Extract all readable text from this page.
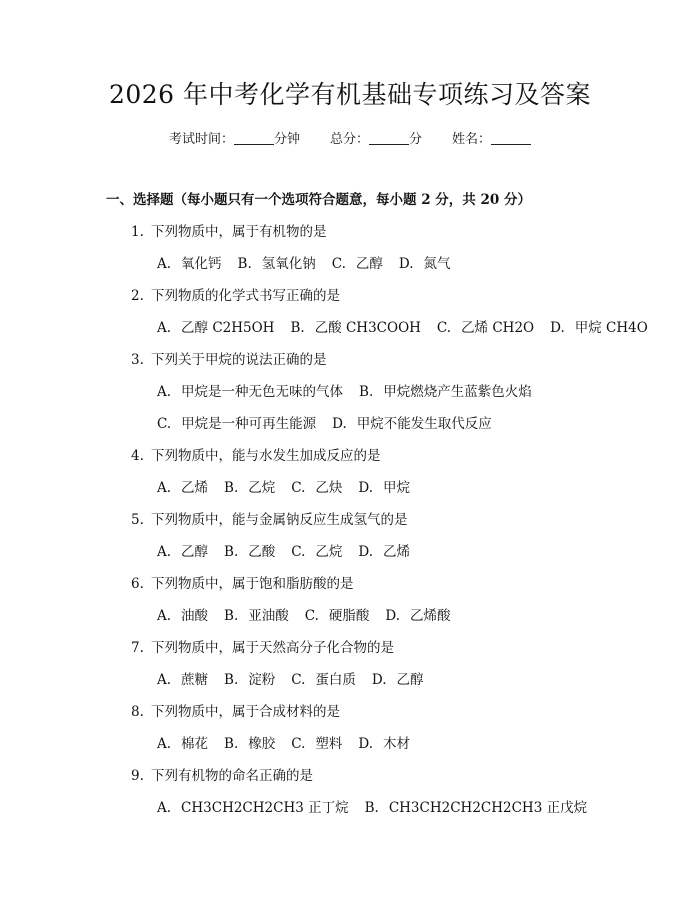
2026 年中考化学有机基础专项练习及答案
考试时间：	分钟 总分：	分 姓名：
一、选择题（每小题只有一个选项符合题意，每小题 2 分，共 20 分）
1. 下列物质中，属于有机物的是
A. 氧化钙 B. 氢氧化钠 C. 乙醇 D. 氮气
2. 下列物质的化学式书写正确的是
A. 乙醇 C2H5OH B. 乙酸 CH3COOH C. 乙烯 CH2O D. 甲烷 CH4O
3. 下列关于甲烷的说法正确的是
A. 甲烷是一种无色无味的气体 B. 甲烷燃烧产生蓝紫色火焰
C. 甲烷是一种可再生能源 D. 甲烷不能发生取代反应
4. 下列物质中，能与水发生加成反应的是
A. 乙烯 B. 乙烷 C. 乙炔 D. 甲烷
5. 下列物质中，能与金属钠反应生成氢气的是
A. 乙醇 B. 乙酸 C. 乙烷 D. 乙烯
6. 下列物质中，属于饱和脂肪酸的是
A. 油酸 B. 亚油酸 C. 硬脂酸 D. 乙烯酸
7. 下列物质中，属于天然高分子化合物的是
A. 蔗糖 B. 淀粉 C. 蛋白质 D. 乙醇
8. 下列物质中，属于合成材料的是
A. 棉花 B. 橡胶 C. 塑料 D. 木材
9. 下列有机物的命名正确的是
A. CH3CH2CH2CH3 正丁烷 B. CH3CH2CH2CH2CH3 正戊烷
